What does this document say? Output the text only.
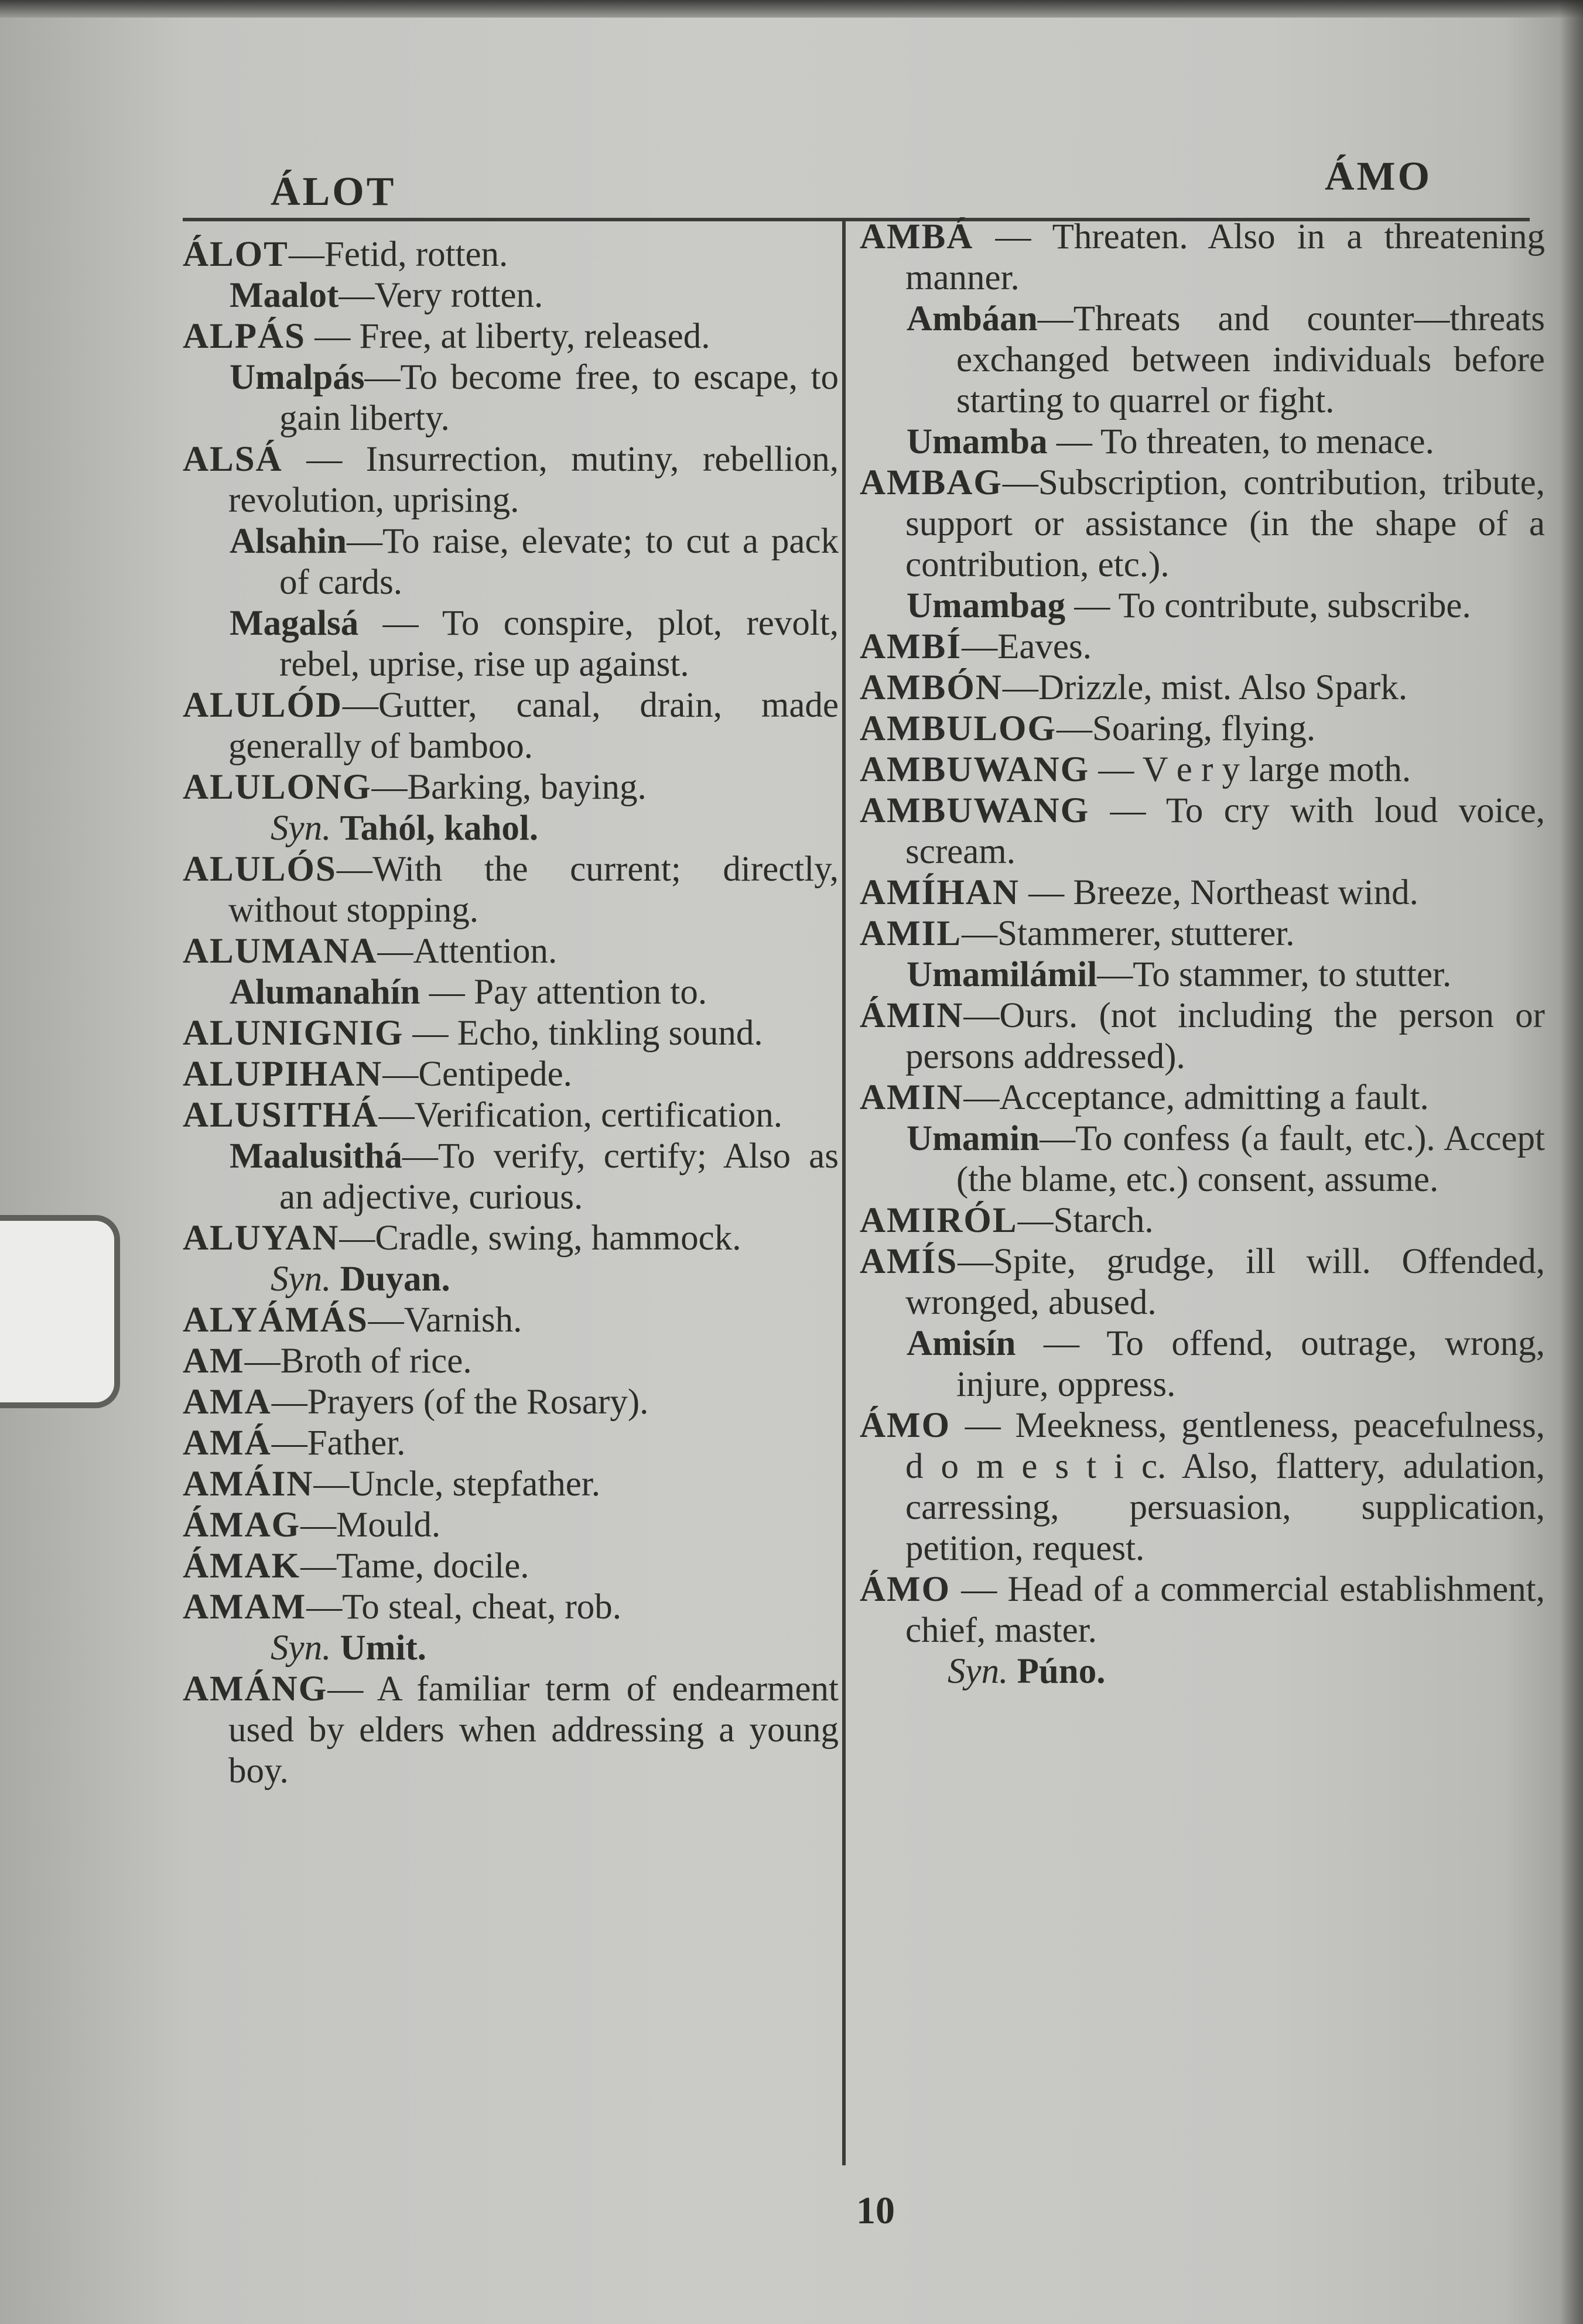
ÁLOT	ÁMO

ÁLOT—Fetid, rotten.

Maalot—Very rotten.

ALPÁS — Free, at liberty, released.

Umalpás—To become free, to escape, to gain liberty.

ALSÁ — Insurrection, mutiny, rebellion, revolution, uprising.

Alsahin—To raise, elevate; to cut a pack of cards.

Magalsá — To conspire, plot, revolt, rebel, uprise, rise up against.

ALULÓD—Gutter, canal, drain, made generally of bamboo.

ALULONG—Barking, baying.

Syn. Tahól, kahol.

ALULÓS—With the current; directly, without stopping.

ALUMANA—Attention.

Alumanahín — Pay attention to.

ALUNIGNIG — Echo, tinkling sound.

ALUPIHAN—Centipede.

ALUSITHÁ—Verification, certification.

Maalusithá—To verify, certify; Also as an adjective, curious.

ALUYAN—Cradle, swing, hammock.

Syn. Duyan.

ALYÁMÁS—Varnish.

AM—Broth of rice.

AMA—Prayers (of the Rosary).

AMÁ—Father.

AMÁIN—Uncle, stepfather.

ÁMAG—Mould.

ÁMAK—Tame, docile.

AMAM—To steal, cheat, rob.

Syn. Umit.

AMÁNG— A familiar term of endearment used by elders when addressing a young boy.

AMBÁ — Threaten. Also in a threatening manner.

Ambáan—Threats and counter—threats exchanged between individuals before starting to quarrel or fight.

Umamba — To threaten, to menace.

AMBAG—Subscription, contribution, tribute, support or assistance (in the shape of a contribution, etc.).

Umambag — To contribute, subscribe.

AMBÍ—Eaves.

AMBÓN—Drizzle, mist. Also Spark.

AMBULOG—Soaring, flying.

AMBUWANG — V e r y large moth.

AMBUWANG — To cry with loud voice, scream.

AMÍHAN — Breeze, Northeast wind.

AMIL—Stammerer, stutterer.

Umamilámil—To stammer, to stutter.

ÁMIN—Ours. (not including the person or persons addressed).

AMIN—Acceptance, admitting a fault.

Umamin—To confess (a fault, etc.). Accept (the blame, etc.) consent, assume.

AMIRÓL—Starch.

AMÍS—Spite, grudge, ill will. Offended, wronged, abused.

Amisín — To offend, outrage, wrong, injure, oppress.

ÁMO — Meekness, gentleness, peacefulness, d o m e s t i c. Also, flattery, adulation, carressing, persuasion, supplication, petition, request.

ÁMO — Head of a commercial establishment, chief, master.

Syn. Púno.

10
